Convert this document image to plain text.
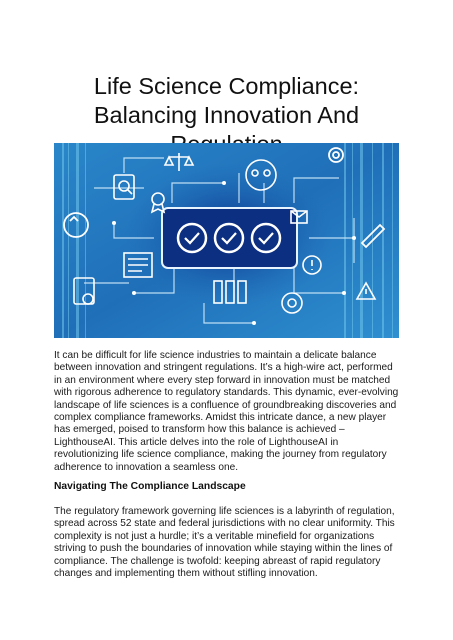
Life Science Compliance: Balancing Innovation And

It can be difficult for life science industries to maintain a delicate balance between innovation and stringent regulations. It’s a high-wire act, performed in an environment where every step forward in innovation must be matched with rigorous adherence to regulatory standards. This dynamic, ever-evolving landscape of life sciences is a confluence of groundbreaking discoveries and complex compliance frameworks. Amidst this intricate dance, a new player has emerged, poised to transform how this balance is achieved – LighthouseAI. This article delves into the role of LighthouseAI in revolutionizing life science compliance, making the journey from regulatory adherence to innovation a seamless one.

Navigating The Compliance Landscape

The regulatory framework governing life sciences is a labyrinth of regulation, spread across 52 state and federal jurisdictions with no clear uniformity. This complexity is not just a hurdle; it’s a veritable minefield for organizations striving to push the boundaries of innovation while staying within the lines of compliance. The challenge is twofold: keeping abreast of rapid regulatory changes and implementing them without stifling innovation.
